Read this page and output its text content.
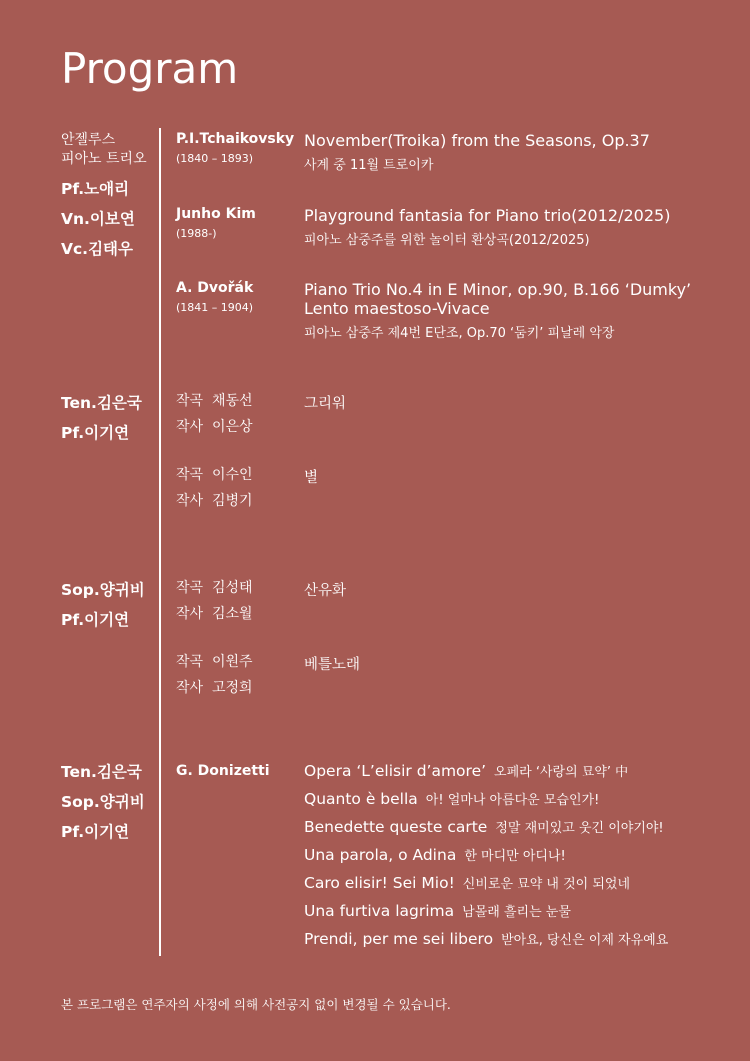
Program
안젤루스
피아노 트리오
Pf.노애리
Vn.이보연
Vc.김태우
P.I.Tchaikovsky
(1840 – 1893)
November(Troika) from the Seasons, Op.37
사계 중 11월 트로이카
Junho Kim
(1988-)
Playground fantasia for Piano trio(2012/2025)
피아노 삼중주를 위한 놀이터 환상곡(2012/2025)
A. Dvořák
(1841 – 1904)
Piano Trio No.4 in E Minor, op.90, B.166 ‘Dumky’
Lento maestoso-Vivace
피아노 삼중주 제4번 E단조, Op.70 ‘둠키’ 피날레 악장
Ten.김은국
Pf.이기연
작곡 채동선
작사 이은상
그리워
작곡 이수인
작사 김병기
별
Sop.양귀비
Pf.이기연
작곡 김성태
작사 김소월
산유화
작곡 이원주
작사 고정희
베틀노래
Ten.김은국
Sop.양귀비
Pf.이기연
G. Donizetti Opera ‘L’elisir d’amore’ 오페라 ‘사랑의 묘약’ 中
Quanto è bella 아! 얼마나 아름다운 모습인가!
Benedette queste carte 정말 재미있고 웃긴 이야기야!
Una parola, o Adina 한 마디만 아디나!
Caro elisir! Sei Mio! 신비로운 묘약 내 것이 되었네
Una furtiva lagrima 남몰래 흘리는 눈물
Prendi, per me sei libero 받아요, 당신은 이제 자유예요
본 프로그램은 연주자의 사정에 의해 사전공지 없이 변경될 수 있습니다.
